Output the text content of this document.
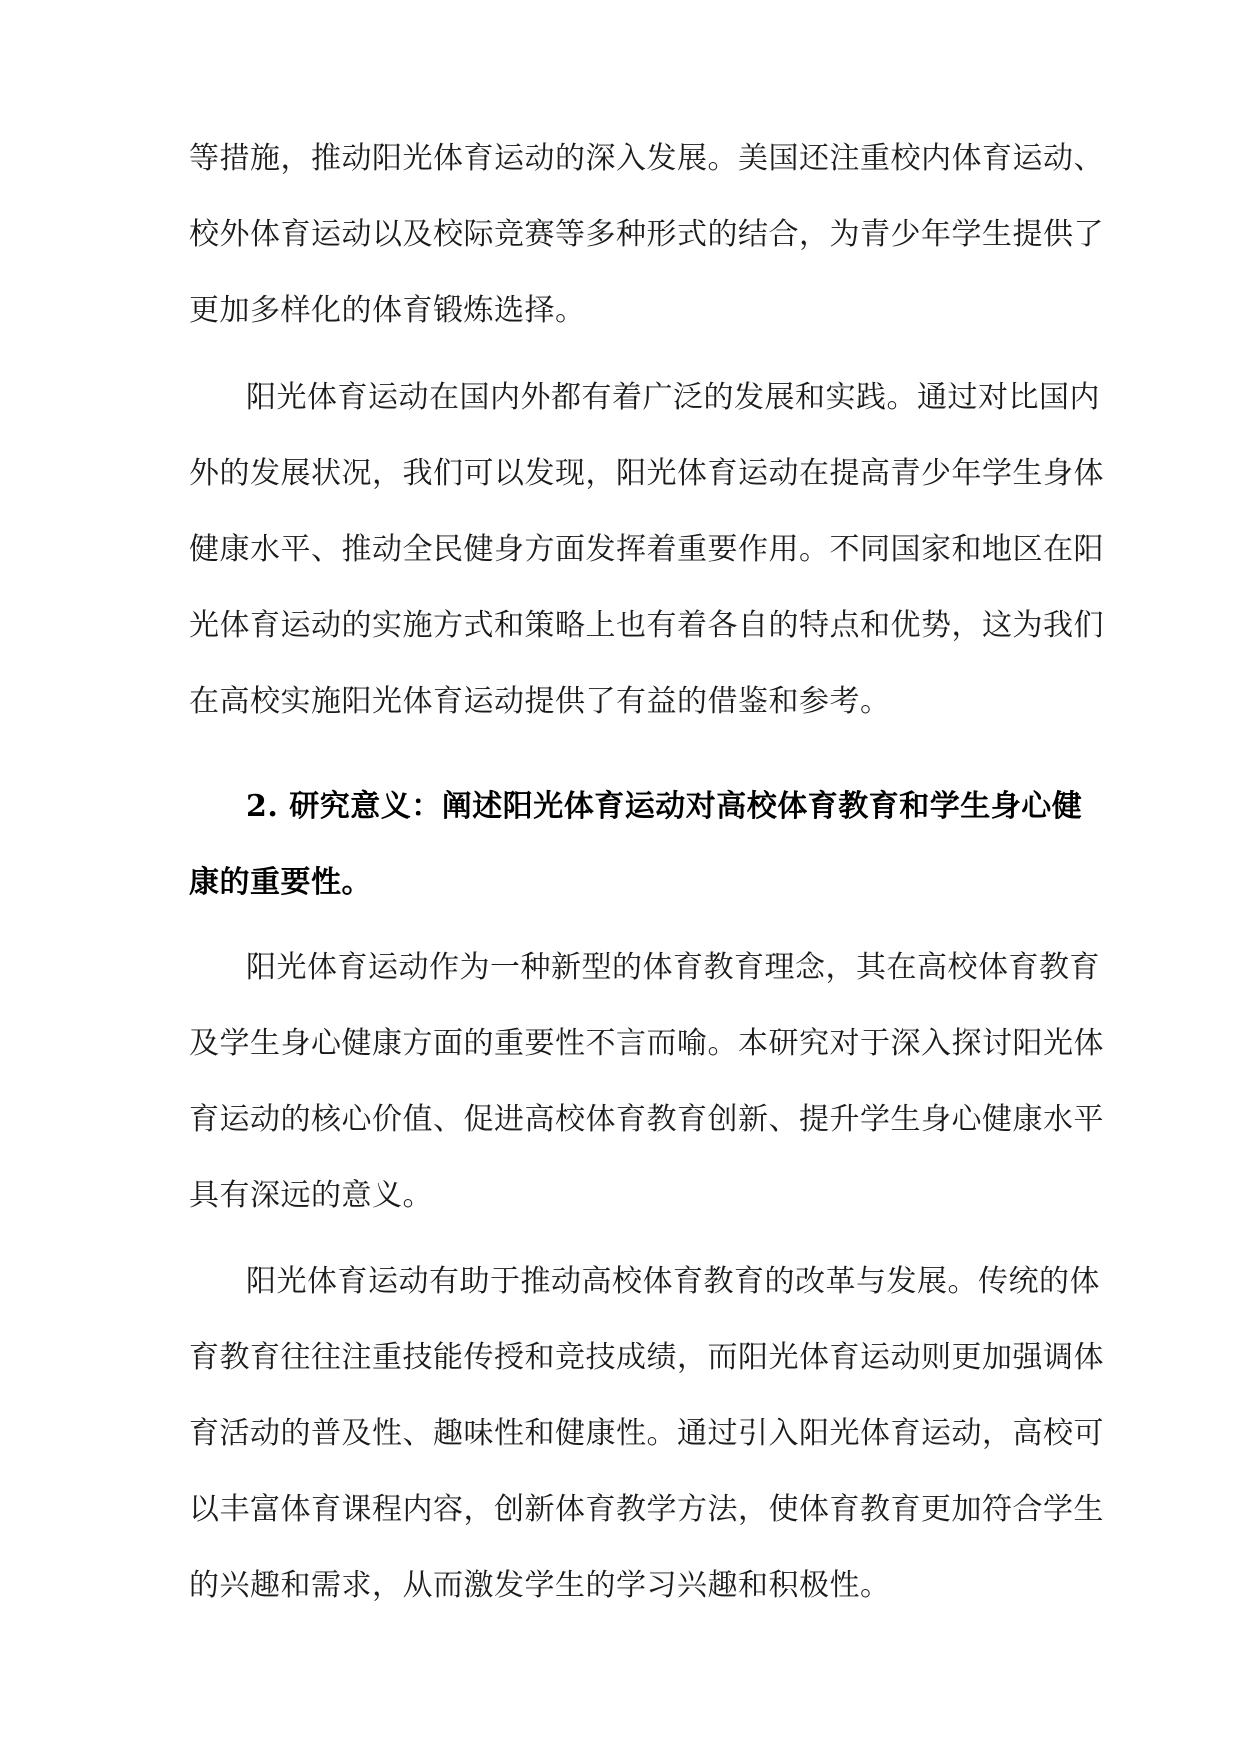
等措施，推动阳光体育运动的深入发展。美国还注重校内体育运动、
校外体育运动以及校际竞赛等多种形式的结合，为青少年学生提供了
更加多样化的体育锻炼选择。
阳光体育运动在国内外都有着广泛的发展和实践。通过对比国内
外的发展状况，我们可以发现，阳光体育运动在提高青少年学生身体
健康水平、推动全民健身方面发挥着重要作用。不同国家和地区在阳
光体育运动的实施方式和策略上也有着各自的特点和优势，这为我们
在高校实施阳光体育运动提供了有益的借鉴和参考。
2. 研究意义：阐述阳光体育运动对高校体育教育和学生身心健
康的重要性。
阳光体育运动作为一种新型的体育教育理念，其在高校体育教育
及学生身心健康方面的重要性不言而喻。本研究对于深入探讨阳光体
育运动的核心价值、促进高校体育教育创新、提升学生身心健康水平
具有深远的意义。
阳光体育运动有助于推动高校体育教育的改革与发展。传统的体
育教育往往注重技能传授和竞技成绩，而阳光体育运动则更加强调体
育活动的普及性、趣味性和健康性。通过引入阳光体育运动，高校可
以丰富体育课程内容，创新体育教学方法，使体育教育更加符合学生
的兴趣和需求，从而激发学生的学习兴趣和积极性。
